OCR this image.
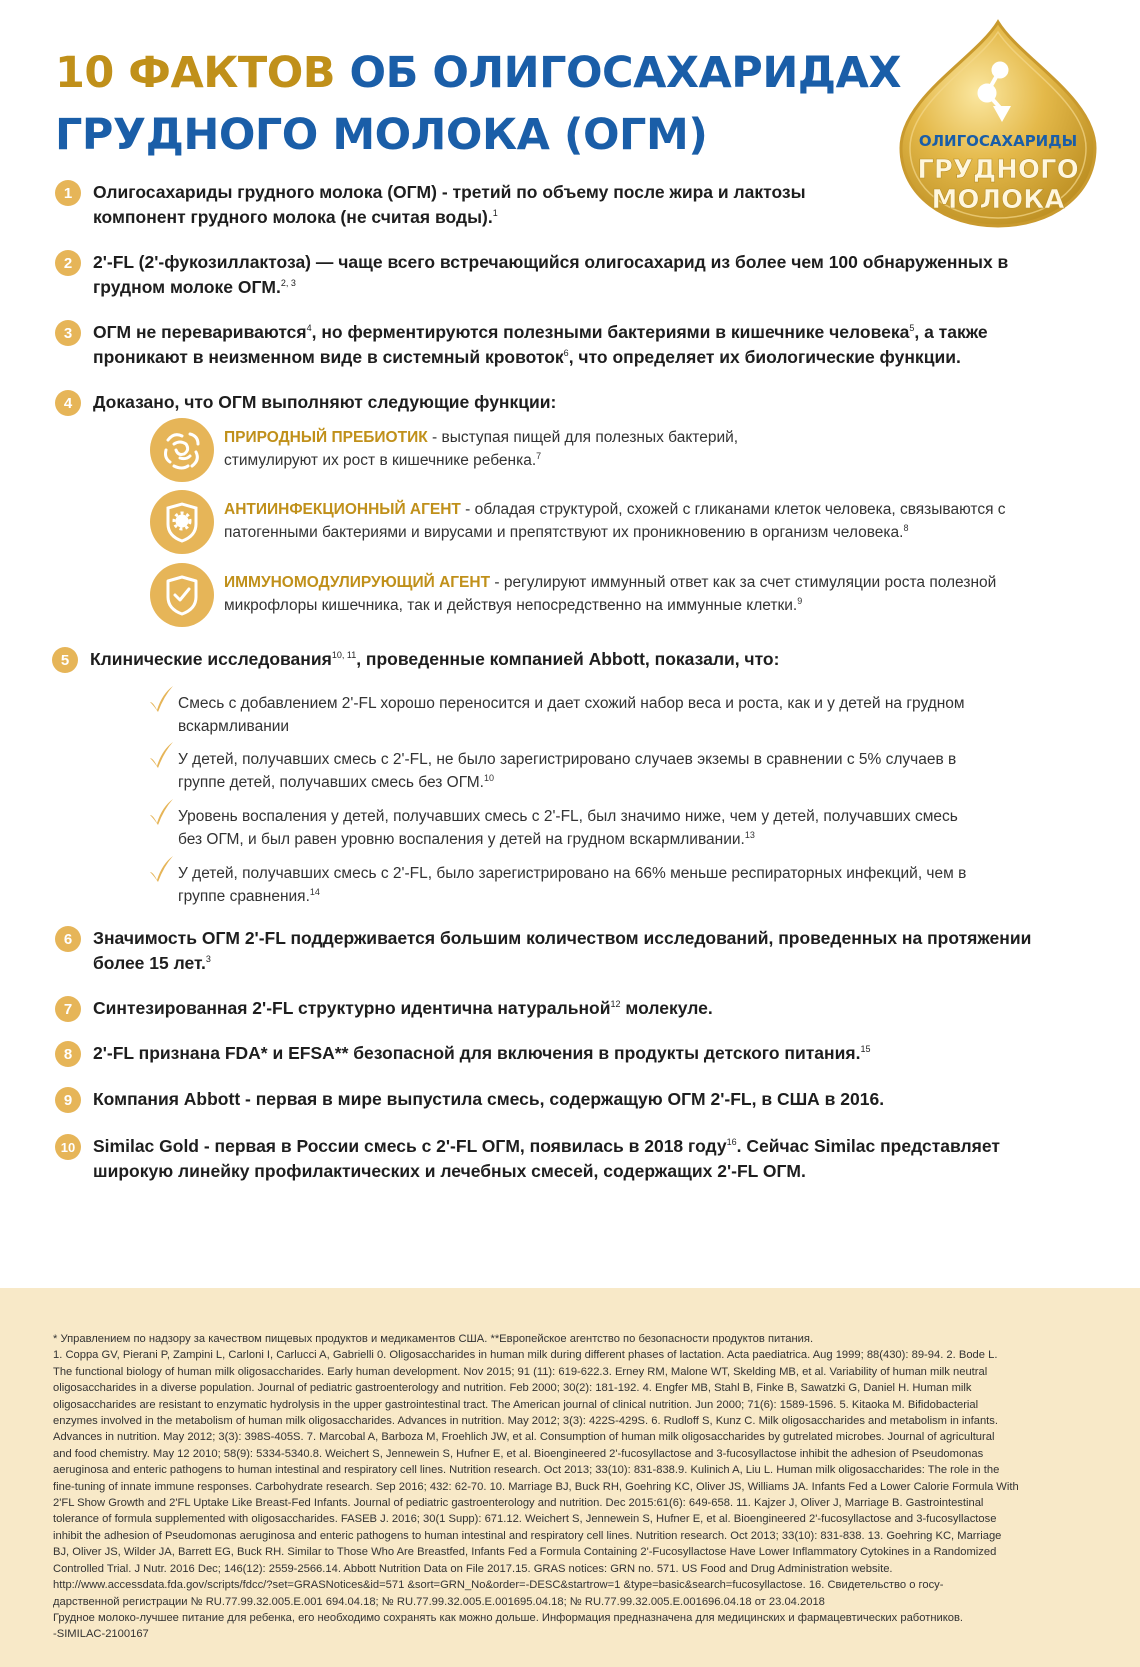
10 ФАКТОВ ОБ ОЛИГОСАХАРИДАХ
ГРУДНОГО МОЛОКА (ОГМ)	ОЛИГОСАХАРИДЫ
ГРУДНОГО
МОЛОКА
1	Олигосахариды грудного молока (ОГМ) - третий по объему после жира и лактозы
компонент грудного молока (не считая воды).$^1$
2	2'-FL (2'-фукозиллактоза) — чаще всего встречающийся олигосахарид из более чем 100 обнаруженных в
грудном молоке ОГМ.$^{2, 3}$
3	ОГМ не перевариваются$^4$, но ферментируются полезными бактериями в кишечнике человека$^5$, а также
проникают в неизменном виде в системный кровоток$^6$, что определяет их биологические функции.
4	Доказано, что ОГМ выполняют следующие функции:
ПРИРОДНЫЙ ПРЕБИОТИК - выступая пищей для полезных бактерий,
стимулируют их рост в кишечнике ребенка.$^7$
АНТИИНФЕКЦИОННЫЙ АГЕНТ - обладая структурой, схожей с гликанами клеток человека, связываются с
патогенными бактериями и вирусами и препятствуют их проникновению в организм человека.$^8$
ИММУНОМОДУЛИРУЮЩИЙ АГЕНТ - регулируют иммунный ответ как за счет стимуляции роста полезной
микрофлоры кишечника, так и действуя непосредственно на иммунные клетки.$^9$
5	Клинические исследования$^{10, 11}$, проведенные компанией Abbott, показали, что:
Смесь с добавлением 2'-FL хорошо переносится и дает схожий набор веса и роста, как и у детей на грудном
вскармливании
У детей, получавших смесь с 2'-FL, не было зарегистрировано случаев экземы в сравнении с 5% случаев в
группе детей, получавших смесь без ОГМ.$^{10}$
Уровень воспаления у детей, получавших смесь с 2'-FL, был значимо ниже, чем у детей, получавших смесь
без ОГМ, и был равен уровню воспаления у детей на грудном вскармливании.$^{13}$
У детей, получавших смесь с 2'-FL, было зарегистрировано на 66% меньше респираторных инфекций, чем в
группе сравнения.$^{14}$
6	Значимость ОГМ 2'-FL поддерживается большим количеством исследований, проведенных на протяжении
более 15 лет.$^3$
7	Синтезированная 2'-FL структурно идентична натуральной$^{12}$ молекуле.
8	2'-FL признана FDA* и EFSA** безопасной для включения в продукты детского питания.$^{15}$
9	Компания Abbott - первая в мире выпустила смесь, содержащую ОГМ 2'-FL, в США в 2016.
10	Similac Gold - первая в России смесь с 2'-FL ОГМ, появилась в 2018 году$^{16}$. Сейчас Similac представляет
широкую линейку профилактических и лечебных смесей, содержащих 2'-FL ОГМ.

* Управлением по надзору за качеством пищевых продуктов и медикаментов США. **Европейское агентство по безопасности продуктов питания.

1. Coppa GV, Pierani P, Zampini L, Carloni I, Carlucci A, Gabrielli 0. Oligosaccharides in human milk during different phases of lactation. Acta paediatrica. Aug 1999; 88(430): 89-94. 2. Bode L.

The functional biology of human milk oligosaccharides. Early human development. Nov 2015; 91 (11): 619-622.3. Erney RM, Malone WT, Skelding MB, et al. Variability of human milk neutral

oligosaccharides in a diverse population. Journal of pediatric gastroenterology and nutrition. Feb 2000; 30(2): 181-192. 4. Engfer MB, Stahl B, Finke B, Sawatzki G, Daniel H. Human milk

oligosaccharides are resistant to enzymatic hydrolysis in the upper gastrointestinal tract. The American journal of clinical nutrition. Jun 2000; 71(6): 1589-1596. 5. Kitaoka M. Bifidobacterial

enzymes involved in the metabolism of human milk oligosaccharides. Advances in nutrition. May 2012; 3(3): 422S-429S. 6. Rudloff S, Kunz C. Milk oligosaccharides and metabolism in infants.

Advances in nutrition. May 2012; 3(3): 398S-405S. 7. Marcobal A, Barboza M, Froehlich JW, et al. Consumption of human milk oligosaccharides by gutrelated microbes. Journal of agricultural

and food chemistry. May 12 2010; 58(9): 5334-5340.8. Weichert S, Jennewein S, Hufner E, et al. Bioengineered 2'-fucosyllactose and 3-fucosyllactose inhibit the adhesion of Pseudomonas

aeruginosa and enteric pathogens to human intestinal and respiratory cell lines. Nutrition research. Oct 2013; 33(10): 831-838.9. Kulinich A, Liu L. Human milk oligosaccharides: The role in the

fine-tuning of innate immune responses. Carbohydrate research. Sep 2016; 432: 62-70. 10. Marriage BJ, Buck RH, Goehring KC, Oliver JS, Williams JA. Infants Fed a Lower Calorie Formula With

2'FL Show Growth and 2'FL Uptake Like Breast-Fed Infants. Journal of pediatric gastroenterology and nutrition. Dec 2015:61(6): 649-658. 11. Kajzer J, Oliver J, Marriage B. Gastrointestinal

tolerance of formula supplemented with oligosaccharides. FASEB J. 2016; 30(1 Supp): 671.12. Weichert S, Jennewein S, Hufner E, et al. Bioengineered 2'-fucosyllactose and 3-fucosyllactose

inhibit the adhesion of Pseudomonas aeruginosa and enteric pathogens to human intestinal and respiratory cell lines. Nutrition research. Oct 2013; 33(10): 831-838. 13. Goehring KC, Marriage

BJ, Oliver JS, Wilder JA, Barrett EG, Buck RH. Similar to Those Who Are Breastfed, Infants Fed a Formula Containing 2'-Fucosyllactose Have Lower Inflammatory Cytokines in a Randomized

Controlled Trial. J Nutr. 2016 Dec; 146(12): 2559-2566.14. Abbott Nutrition Data on File 2017.15. GRAS notices: GRN no. 571. US Food and Drug Administration website.

http://www.accessdata.fda.gov/scripts/fdcc/?set=GRASNotices&id=571 &sort=GRN_No&order=-DESC&startrow=1 &type=basic&search=fucosyllactose. 16. Свидетельство о госу-

дарственной регистрации № RU.77.99.32.005.E.001 694.04.18; № RU.77.99.32.005.E.001695.04.18; № RU.77.99.32.005.E.001696.04.18 от 23.04.2018

Грудное молоко-лучшее питание для ребенка, его необходимо сохранять как можно дольше. Информация предназначена для медицинских и фармацевтических работников.

-SIMILAC-2100167
